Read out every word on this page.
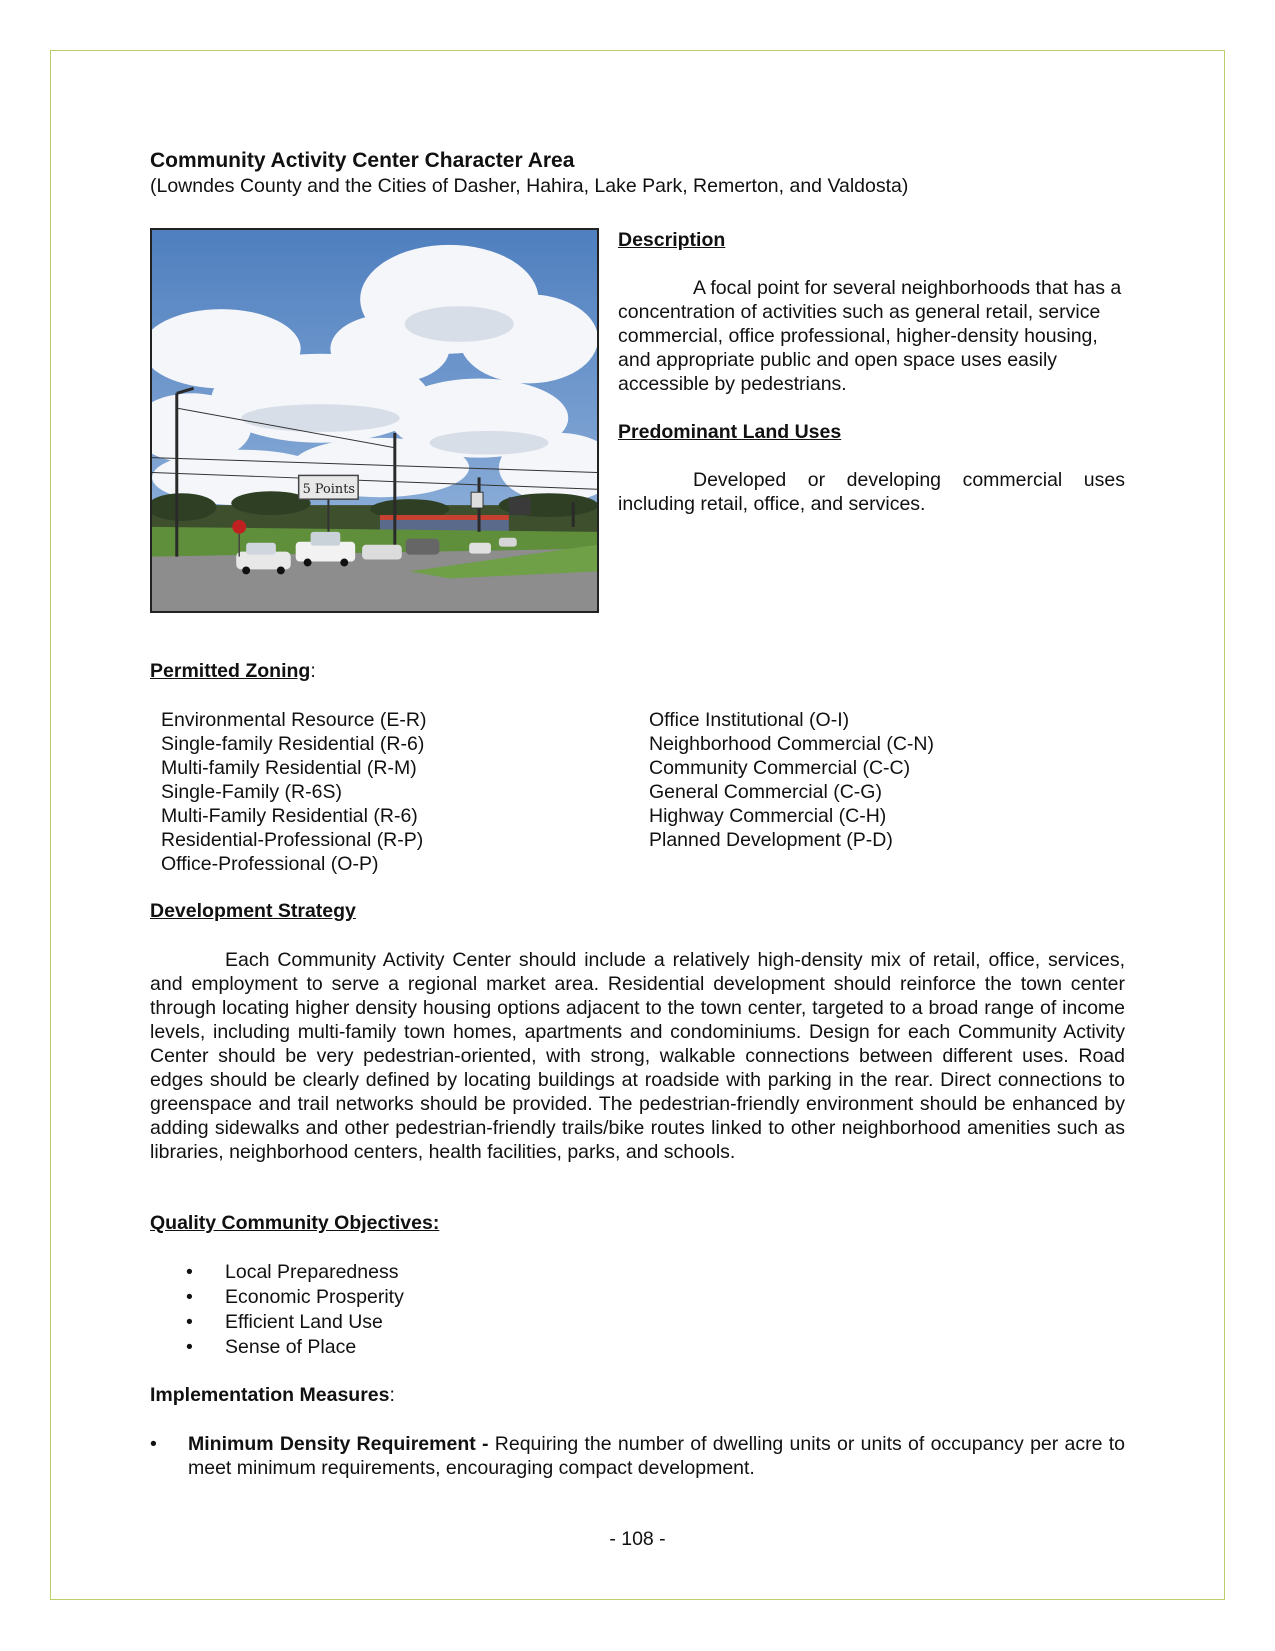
Community Activity Center Character Area

(Lowndes County and the Cities of Dasher, Hahira, Lake Park, Remerton, and Valdosta)

5 Points

Description

A focal point for several neighborhoods that has a concentration of activities such as general retail, service commercial, office professional, higher-density housing, and appropriate public and open space uses easily accessible by pedestrians.

Predominant Land Uses

Developed or developing commercial uses including retail, office, and services.

Permitted Zoning:
Environmental Resource (E-R)
Single-family Residential (R-6)
Multi-family Residential (R-M)
Single-Family (R-6S)
Multi-Family Residential (R-6)
Residential-Professional (R-P)
Office-Professional (O-P)
Office Institutional (O-I)
Neighborhood Commercial (C-N)
Community Commercial (C-C)
General Commercial (C-G)
Highway Commercial (C-H)
Planned Development (P-D)
Development Strategy

Each Community Activity Center should include a relatively high-density mix of retail, office, services, and employment to serve a regional market area. Residential development should reinforce the town center through locating higher density housing options adjacent to the town center, targeted to a broad range of income levels, including multi-family town homes, apartments and condominiums. Design for each Community Activity Center should be very pedestrian-oriented, with strong, walkable connections between different uses. Road edges should be clearly defined by locating buildings at roadside with parking in the rear. Direct connections to greenspace and trail networks should be provided. The pedestrian-friendly environment should be enhanced by adding sidewalks and other pedestrian-friendly trails/bike routes linked to other neighborhood amenities such as libraries, neighborhood centers, health facilities, parks, and schools.

Quality Community Objectives:
• Local Preparedness
• Economic Prosperity
• Efficient Land Use
• Sense of Place
Implementation Measures:
• Minimum Density Requirement - Requiring the number of dwelling units or units of occupancy per acre to meet minimum requirements, encouraging compact development.
- 108 -
